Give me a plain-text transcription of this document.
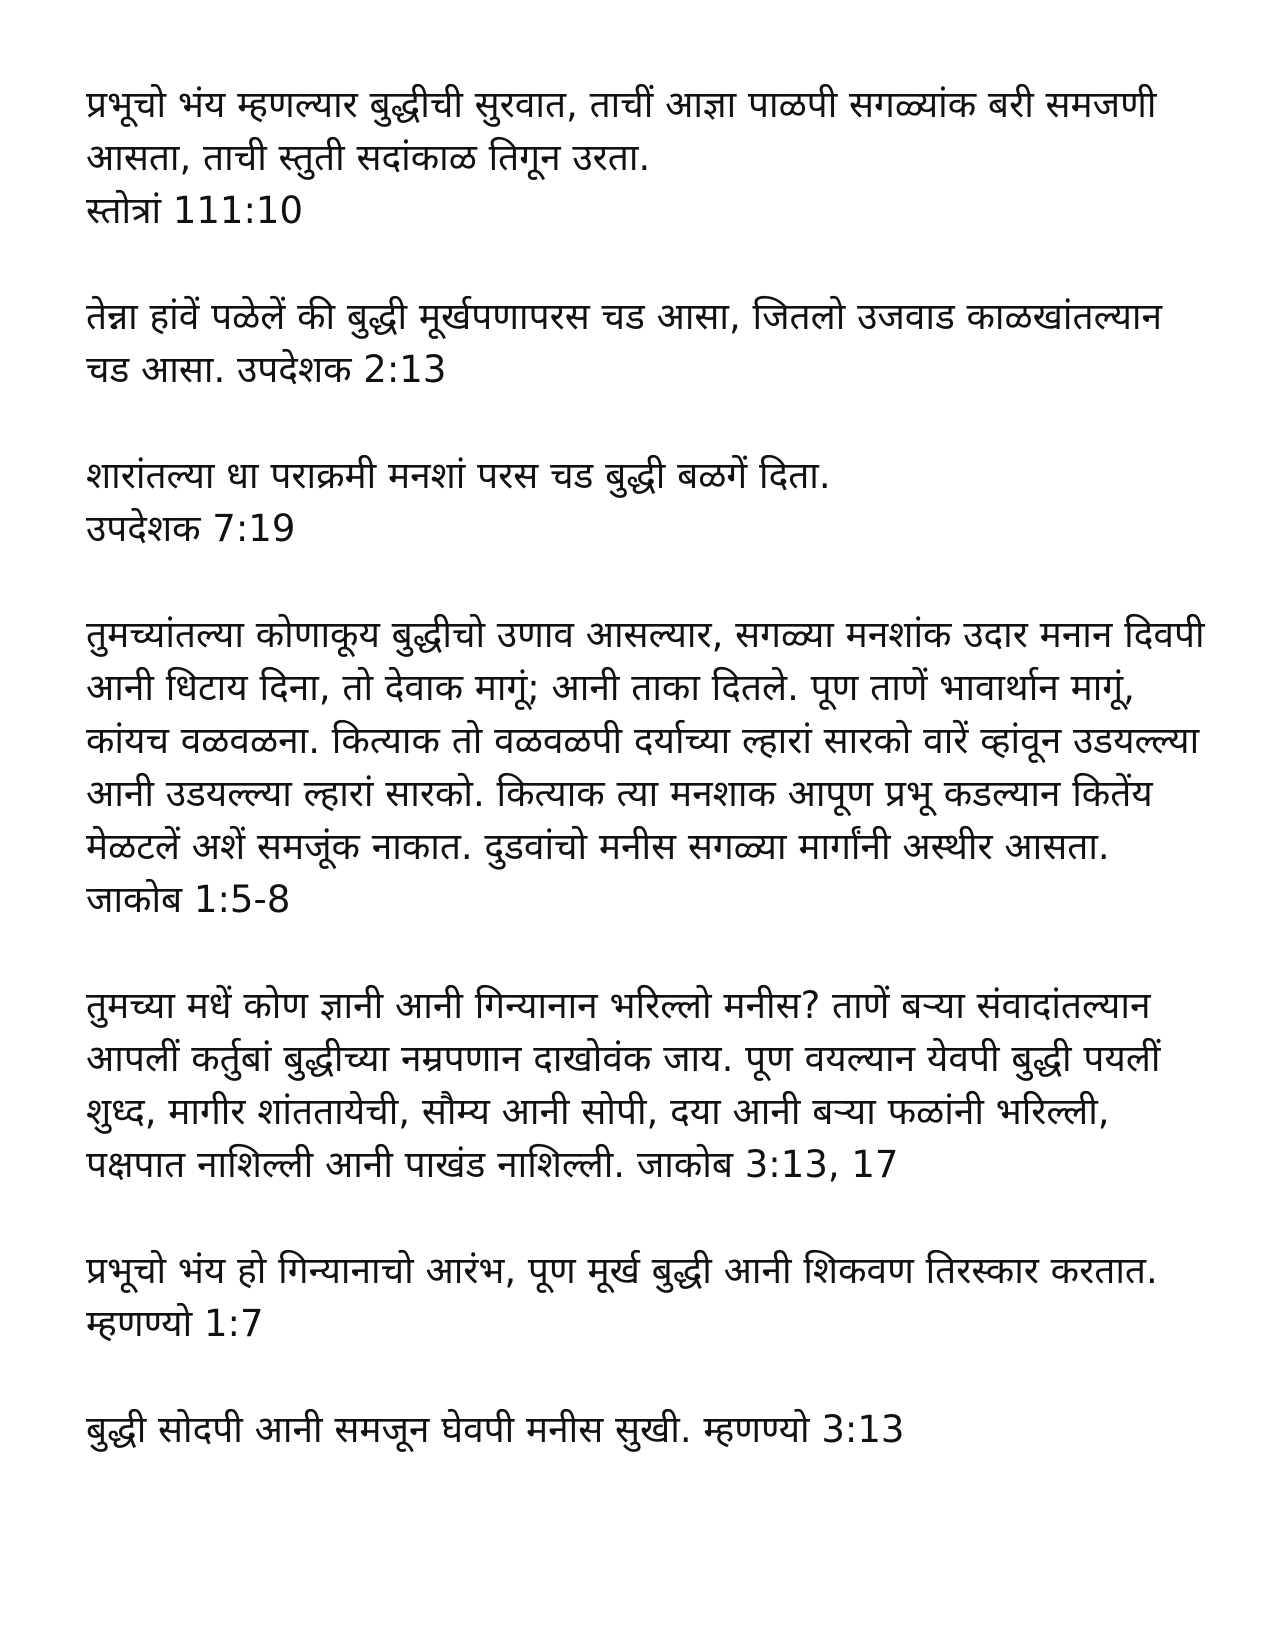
प्रभूचो भंय म्हणल्यार बुद्धीची सुरवात, ताचीं आज्ञा पाळपी सगळ्यांक बरी समजणी आसता, ताची स्तुती सदांकाळ तिगून उरता.
स्तोत्रां 111:10

तेन्ना हांवें पळेलें की बुद्धी मूर्खपणापरस चड आसा, जितलो उजवाड काळखांतल्यान चड आसा. उपदेशक 2:13

शारांतल्या धा पराक्रमी मनशां परस चड बुद्धी बळगें दिता.
उपदेशक 7:19

तुमच्यांतल्या कोणाकूय बुद्धीचो उणाव आसल्यार, सगळ्या मनशांक उदार मनान दिवपी आनी धिटाय दिना, तो देवाक मागूं; आनी ताका दितले. पूण ताणें भावार्थान मागूं, कांयच वळवळना. कित्याक तो वळवळपी दर्याच्या ल्हारां सारको वारें व्हांवून उडयल्ल्या आनी उडयल्ल्या ल्हारां सारको. कित्याक त्या मनशाक आपूण प्रभू कडल्यान कितेंय मेळटलें अशें समजूंक नाकात. दुडवांचो मनीस सगळ्या मार्गांनी अस्थीर आसता. जाकोब 1:5-8

तुमच्या मधें कोण ज्ञानी आनी गिन्यानान भरिल्लो मनीस? ताणें बऱ्या संवादांतल्यान आपलीं कर्तुबां बुद्धीच्या नम्रपणान दाखोवंक जाय. पूण वयल्यान येवपी बुद्धी पयलीं शुध्द, मागीर शांततायेची, सौम्य आनी सोपी, दया आनी बऱ्या फळांनी भरिल्ली, पक्षपात नाशिल्ली आनी पाखंड नाशिल्ली. जाकोब 3:13, 17

प्रभूचो भंय हो गिन्यानाचो आरंभ, पूण मूर्ख बुद्धी आनी शिकवण तिरस्कार करतात. म्हणण्यो 1:7

बुद्धी सोदपी आनी समजून घेवपी मनीस सुखी. म्हणण्यो 3:13
